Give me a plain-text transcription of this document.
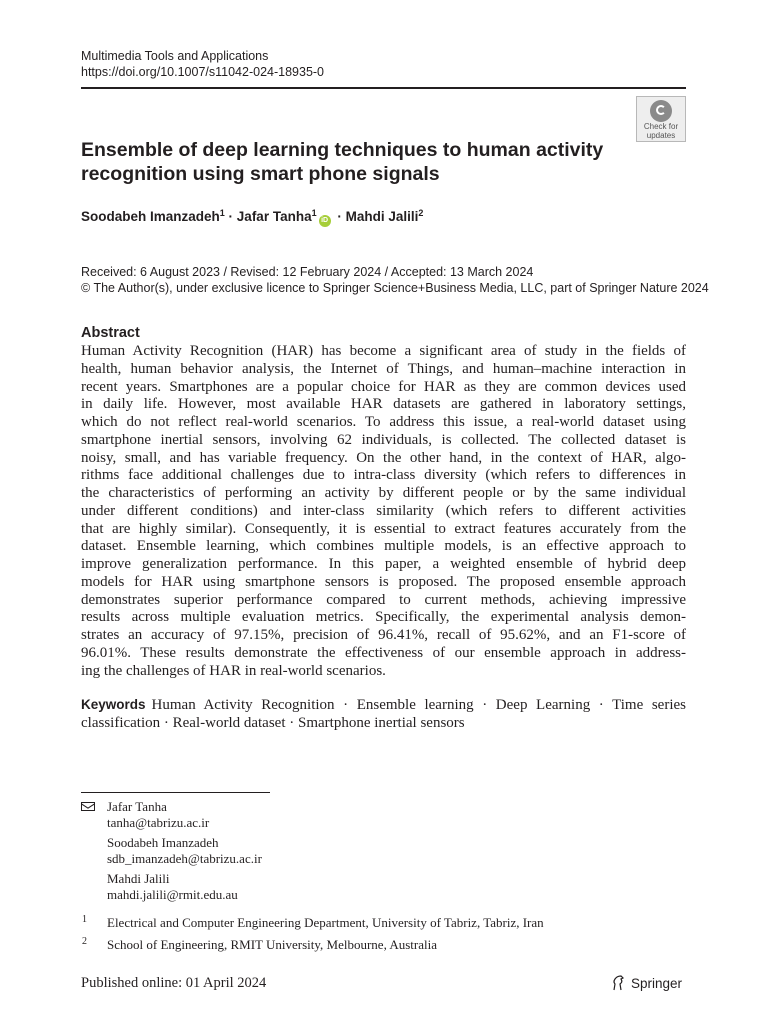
Multimedia Tools and Applications
https://doi.org/10.1007/s11042-024-18935-0
Check for
updates
Ensemble of deep learning techniques to human activity
recognition using smart phone signals
Soodabeh Imanzadeh$^1$ · Jafar Tanha$^1$iD · Mahdi Jalili$^2$
Received: 6 August 2023 / Revised: 12 February 2024 / Accepted: 13 March 2024
© The Author(s), under exclusive licence to Springer Science+Business Media, LLC, part of Springer Nature 2024
Abstract
Human Activity Recognition (HAR) has become a significant area of study in the fields of
health, human behavior analysis, the Internet of Things, and human–machine interaction in
recent years. Smartphones are a popular choice for HAR as they are common devices used
in daily life. However, most available HAR datasets are gathered in laboratory settings,
which do not reflect real-world scenarios. To address this issue, a real-world dataset using
smartphone inertial sensors, involving 62 individuals, is collected. The collected dataset is
noisy, small, and has variable frequency. On the other hand, in the context of HAR, algo-
rithms face additional challenges due to intra-class diversity (which refers to differences in
the characteristics of performing an activity by different people or by the same individual
under different conditions) and inter-class similarity (which refers to different activities
that are highly similar). Consequently, it is essential to extract features accurately from the
dataset. Ensemble learning, which combines multiple models, is an effective approach to
improve generalization performance. In this paper, a weighted ensemble of hybrid deep
models for HAR using smartphone sensors is proposed. The proposed ensemble approach
demonstrates superior performance compared to current methods, achieving impressive
results across multiple evaluation metrics. Specifically, the experimental analysis demon-
strates an accuracy of 97.15%, precision of 96.41%, recall of 95.62%, and an F1-score of
96.01%. These results demonstrate the effectiveness of our ensemble approach in address-
ing the challenges of HAR in real-world scenarios.
Keywords Human Activity Recognition · Ensemble learning · Deep Learning · Time series
classification · Real-world dataset · Smartphone inertial sensors
Jafar Tanha
tanha@tabrizu.ac.ir
Soodabeh Imanzadeh
sdb_imanzadeh@tabrizu.ac.ir
Mahdi Jalili
mahdi.jalili@rmit.edu.au
1 Electrical and Computer Engineering Department, University of Tabriz, Tabriz, Iran
2 School of Engineering, RMIT University, Melbourne, Australia
Published online: 01 April 2024	Springer
